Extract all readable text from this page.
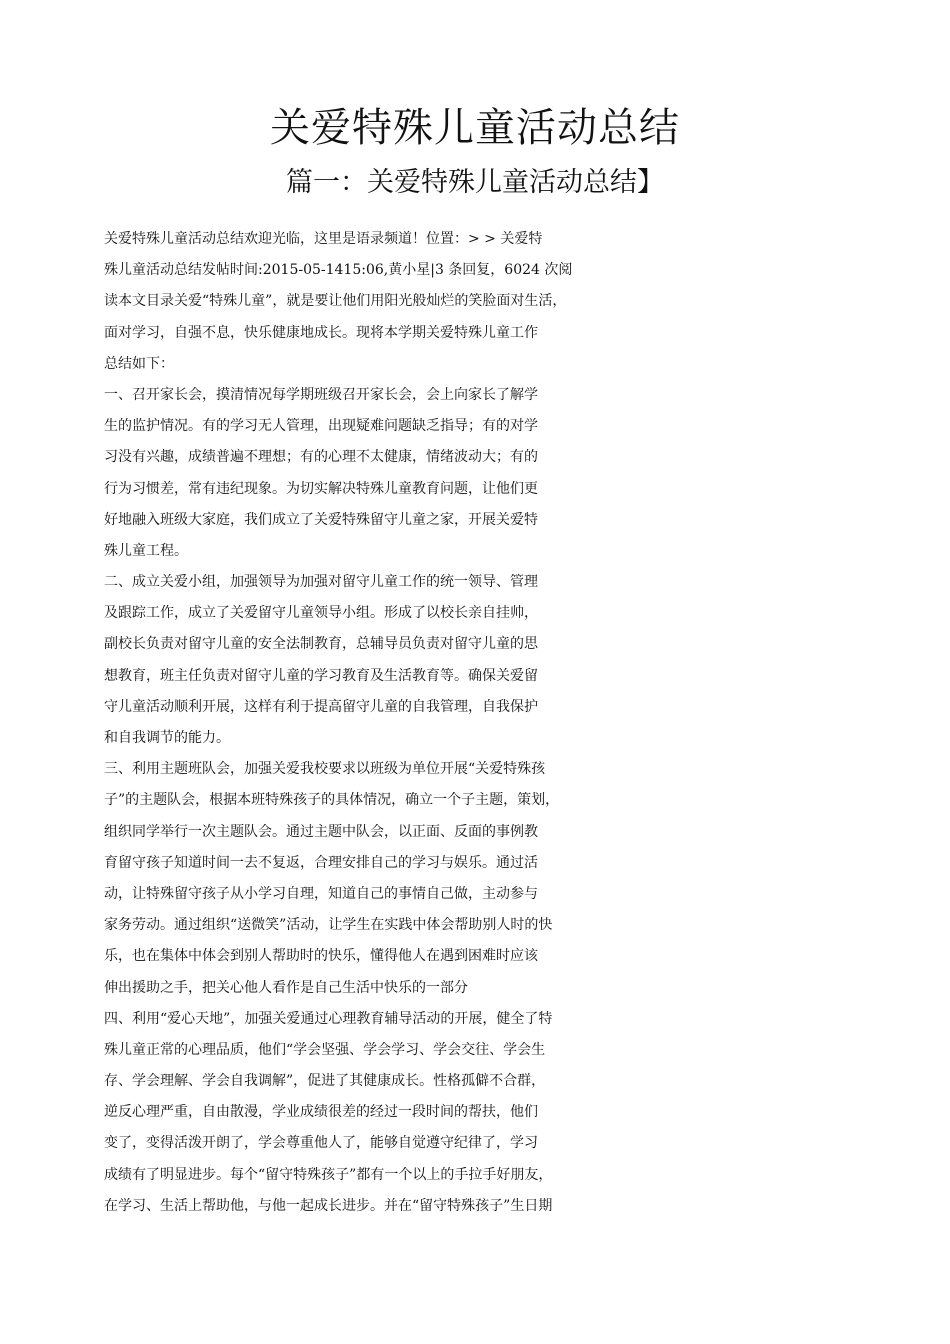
关爱特殊儿童活动总结
篇一：关爱特殊儿童活动总结】
关爱特殊儿童活动总结欢迎光临，这里是语录频道！位置：> > 关爱特
殊儿童活动总结发帖时间:2015-05-1415:06,黄小星|3 条回复，6024 次阅
读本文目录关爱“特殊儿童”，就是要让他们用阳光般灿烂的笑脸面对生活，
面对学习，自强不息，快乐健康地成长。现将本学期关爱特殊儿童工作
总结如下：
一、召开家长会，摸清情况每学期班级召开家长会，会上向家长了解学
生的监护情况。有的学习无人管理，出现疑难问题缺乏指导；有的对学
习没有兴趣，成绩普遍不理想；有的心理不太健康，情绪波动大；有的
行为习惯差，常有违纪现象。为切实解决特殊儿童教育问题，让他们更
好地融入班级大家庭，我们成立了关爱特殊留守儿童之家，开展关爱特
殊儿童工程。
二、成立关爱小组，加强领导为加强对留守儿童工作的统一领导、管理
及跟踪工作，成立了关爱留守儿童领导小组。形成了以校长亲自挂帅，
副校长负责对留守儿童的安全法制教育，总辅导员负责对留守儿童的思
想教育，班主任负责对留守儿童的学习教育及生活教育等。确保关爱留
守儿童活动顺利开展，这样有利于提高留守儿童的自我管理，自我保护
和自我调节的能力。
三、利用主题班队会，加强关爱我校要求以班级为单位开展“关爱特殊孩
子”的主题队会，根据本班特殊孩子的具体情况，确立一个子主题，策划，
组织同学举行一次主题队会。通过主题中队会，以正面、反面的事例教
育留守孩子知道时间一去不复返，合理安排自己的学习与娱乐。通过活
动，让特殊留守孩子从小学习自理，知道自己的事情自己做，主动参与
家务劳动。通过组织“送微笑”活动，让学生在实践中体会帮助别人时的快
乐，也在集体中体会到别人帮助时的快乐，懂得他人在遇到困难时应该
伸出援助之手，把关心他人看作是自己生活中快乐的一部分
四、利用“爱心天地”，加强关爱通过心理教育辅导活动的开展，健全了特
殊儿童正常的心理品质，他们“学会坚强、学会学习、学会交往、学会生
存、学会理解、学会自我调解”，促进了其健康成长。性格孤僻不合群，
逆反心理严重，自由散漫，学业成绩很差的经过一段时间的帮扶，他们
变了，变得活泼开朗了，学会尊重他人了，能够自觉遵守纪律了，学习
成绩有了明显进步。每个“留守特殊孩子”都有一个以上的手拉手好朋友，
在学习、生活上帮助他，与他一起成长进步。并在“留守特殊孩子”生日期
